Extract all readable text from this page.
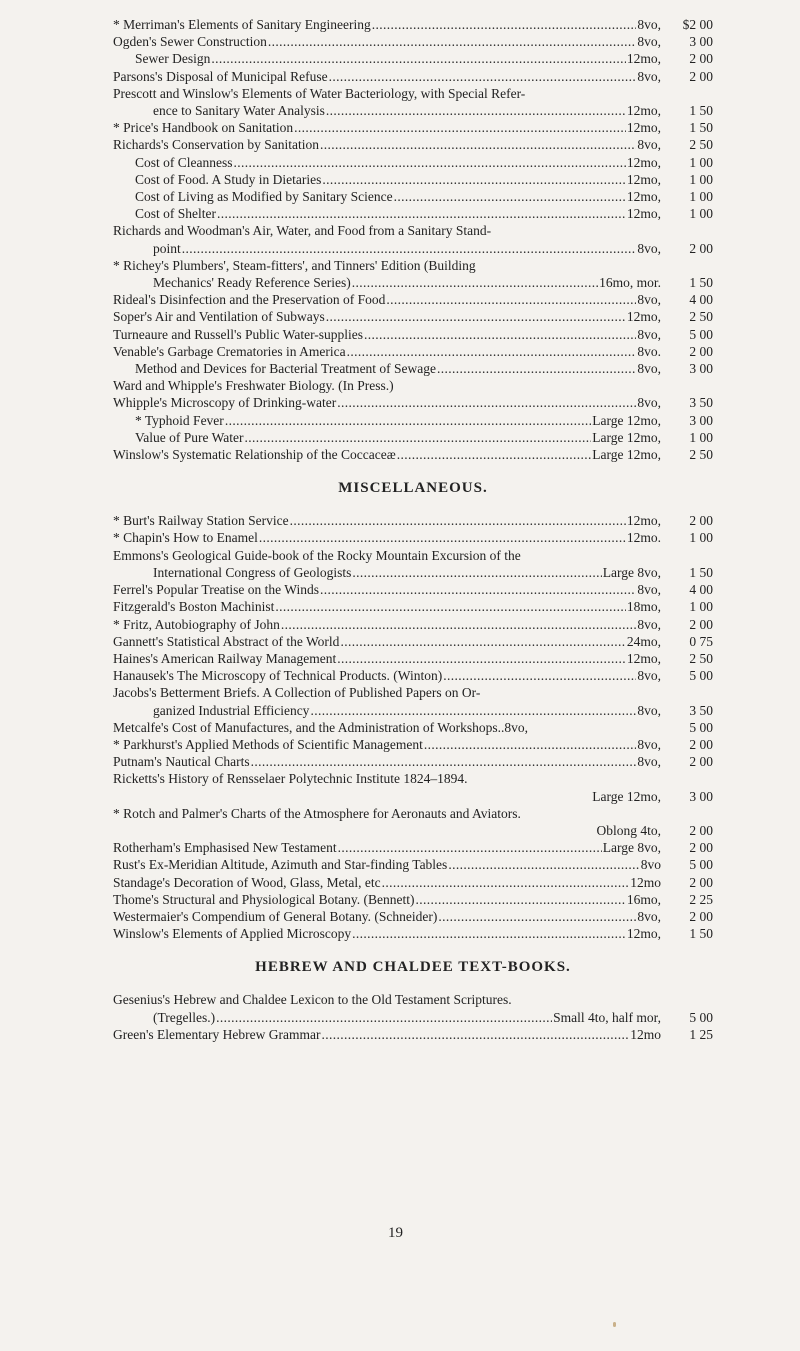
* Merriman's Elements of Sanitary Engineering . . .	8vo,	$2 00
Ogden's Sewer Construction . . .	8vo,	3 00
Sewer Design . . .	12mo,	2 00
Parsons's Disposal of Municipal Refuse . . .	8vo,	2 00
Prescott and Winslow's Elements of Water Bacteriology, with Special Refer-
ence to Sanitary Water Analysis . . .	12mo,	1 50
* Price's Handbook on Sanitation . . .	12mo,	1 50
Richards's Conservation by Sanitation . . .	8vo,	2 50
Cost of Cleanness . . .	12mo,	1 00
Cost of Food. A Study in Dietaries . . .	12mo,	1 00
Cost of Living as Modified by Sanitary Science . . .	12mo,	1 00
Cost of Shelter . . .	12mo,	1 00
Richards and Woodman's Air, Water, and Food from a Sanitary Stand-
point . . .	8vo,	2 00
* Richey's Plumbers', Steam-fitters', and Tinners' Edition (Building
Mechanics' Ready Reference Series) . . .	16mo, mor.	1 50
Rideal's Disinfection and the Preservation of Food . . .	8vo,	4 00
Soper's Air and Ventilation of Subways . . .	12mo,	2 50
Turneaure and Russell's Public Water-supplies . . .	8vo,	5 00
Venable's Garbage Crematories in America . . .	8vo.	2 00
Method and Devices for Bacterial Treatment of Sewage . . .	8vo,	3 00
Ward and Whipple's Freshwater Biology. (In Press.)
Whipple's Microscopy of Drinking-water . . .	8vo,	3 50
* Typhoid Fever . . .	Large 12mo,	3 00
Value of Pure Water . . .	Large 12mo,	1 00
Winslow's Systematic Relationship of the Coccaceæ . . .	Large 12mo,	2 50
MISCELLANEOUS.
* Burt's Railway Station Service . . .	12mo,	2 00
* Chapin's How to Enamel . . .	12mo.	1 00
Emmons's Geological Guide-book of the Rocky Mountain Excursion of the
International Congress of Geologists . . .	Large 8vo,	1 50
Ferrel's Popular Treatise on the Winds . . .	8vo,	4 00
Fitzgerald's Boston Machinist . . .	18mo,	1 00
* Fritz, Autobiography of John . . .	8vo,	2 00
Gannett's Statistical Abstract of the World . . .	24mo,	0 75
Haines's American Railway Management . . .	12mo,	2 50
Hanausek's The Microscopy of Technical Products. (Winton) . . .	8vo,	5 00
Jacobs's Betterment Briefs. A Collection of Published Papers on Or-
ganized Industrial Efficiency . . .	8vo,	3 50
Metcalfe's Cost of Manufactures, and the Administration of Workshops..8vo,	5 00
* Parkhurst's Applied Methods of Scientific Management . . .	8vo,	2 00
Putnam's Nautical Charts . . .	8vo,	2 00
Ricketts's History of Rensselaer Polytechnic Institute 1824–1894.
Large 12mo,	3 00
* Rotch and Palmer's Charts of the Atmosphere for Aeronauts and Aviators.
Oblong 4to,	2 00
Rotherham's Emphasised New Testament . . .	Large 8vo,	2 00
Rust's Ex-Meridian Altitude, Azimuth and Star-finding Tables . . .	8vo	5 00
Standage's Decoration of Wood, Glass, Metal, etc . . .	12mo	2 00
Thome's Structural and Physiological Botany. (Bennett) . . .	16mo,	2 25
Westermaier's Compendium of General Botany. (Schneider) . . .	8vo,	2 00
Winslow's Elements of Applied Microscopy . . .	12mo,	1 50
HEBREW AND CHALDEE TEXT-BOOKS.
Gesenius's Hebrew and Chaldee Lexicon to the Old Testament Scriptures.
(Tregelles.) . . .	Small 4to, half mor,	5 00
Green's Elementary Hebrew Grammar . . .	12mo	1 25
19
